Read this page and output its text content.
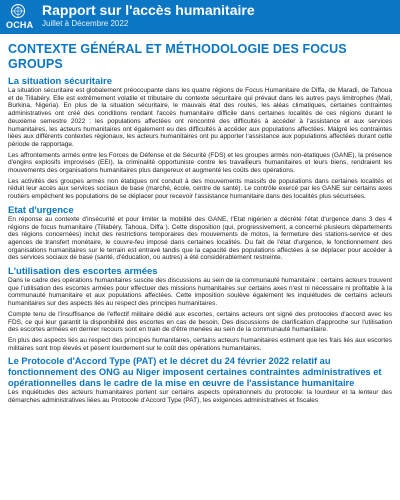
OCHA
Rapport sur l'accès humanitaire
Juillet à Décembre 2022
CONTEXTE GÉNÉRAL ET MÉTHODOLOGIE DES FOCUS GROUPS
La situation sécuritaire

La situation sécuritaire est globalement préoccupante dans les quatre régions de Focus Humanitaire de Diffa, de Maradi, de Tahoua et de Tillabéry. Elle est extrêmement volatile et tributaire du contexte sécuritaire qui prévaut dans les autres pays limitrophes (Mali, Burkina, Nigeria). En plus de la situation sécuritaire, le mauvais état des routes, les aléas climatiques, certaines contraintes administratives ont créé des conditions rendant l'accès humanitaire difficile dans certaines localités de ces régions durant le deuxième semestre 2022 : les populations affectées ont rencontré des difficultés à accéder à l'assistance et aux services humanitaires, les acteurs humanitaires ont également eu des difficultés à accéder aux populations affectées. Malgré les contraintes liées aux différents contextes régionaux, les acteurs humanitaires ont pu apporter l'assistance aux populations affectées durant cette période de rapportage.

Les affrontements armés entre les Forces de Défense et de Sécurité (FDS) et les groupes armés non-étatiques (GANE), la présence d'engins explosifs improvisés (EEI), la criminalité opportuniste contre les travailleurs humanitaires et leurs biens, rendraient les mouvements des organisations humanitaires plus dangereux et augmenté les coûts des opérations.

Les activités des groupes armés non étatiques ont conduit à des mouvements massifs de populations dans certaines localités et réduit leur accès aux services sociaux de base (marché, école, centre de santé). Le contrôle exercé par les GANE sur certains axes routiers empêchent les populations de se déplacer pour recevoir l'assistance humanitaire dans des localités plus sécurisées.

Etat d'urgence

En réponse au contexte d'insécurité et pour limiter la mobilité des GANE, l'Etat nigérien a décrété l'état d'urgence dans 3 des 4 régions de focus humanitaire (Tillabéry, Tahoua, Diffa ). Cette disposition (qui, progressivement, a concerné plusieurs départements des régions concernées) inclut des restrictions temporaires des mouvements de motos, la fermeture des stations-service et des agences de transfert monétaire, le couvre-feu imposé dans certaines localités. Du fait de l'état d'urgence, le fonctionnement des organisations humanitaires sur le terrain est entravé tandis que la capacité des populations affectées à se déplacer pour accéder à des services sociaux de base (santé, d'éducation, ou autres) a été considérablement restreinte.

L'utilisation des escortes armées

Dans le cadre des opérations humanitaires suscite des discussions au sein de la communauté humanitaire : certains acteurs trouvent que l'utilisation des escortes armées pour effectuer des missions humanitaires sur certains axes n'est ni nécessaire ni profitable à la communauté humanitaire et aux populations affectées. Cette imposition soulève également les inquiétudes de certains acteurs humanitaires sur des aspects liés au respect des principes humanitaires.

Compte tenu de l'insuffisance de l'effectif militaire dédié aux escortes, certains acteurs ont signé des protocoles d'accord avec les FDS, ce qui leur garantit la disponibilité des escortes en cas de besoin. Des discussions de clarification d'approche sur l'utilisation des escortes armées en dernier recours sont en train de d'être menées au sein de la communauté humanitaire.

En plus des aspects liés au respect des principes humanitaires, certains acteurs humanitaires estiment que les frais liés aux escortes militaires sont trop élevés et pèsent lourdement sur le coût des opérations humanitaires.

Le Protocole d'Accord Type (PAT) et le décret du 24 février 2022 relatif au fonctionnement des ONG au Niger imposent certaines contraintes administratives et opérationnelles dans le cadre de la mise en œuvre de l'assistance humanitaire

Les inquiétudes des acteurs humanitaires portent sur certains aspects opérationnels du protocole: la lourdeur et la lenteur des démarches administratives liées au Protocole d'Accord Type (PAT), les exigences administratives et fiscales
